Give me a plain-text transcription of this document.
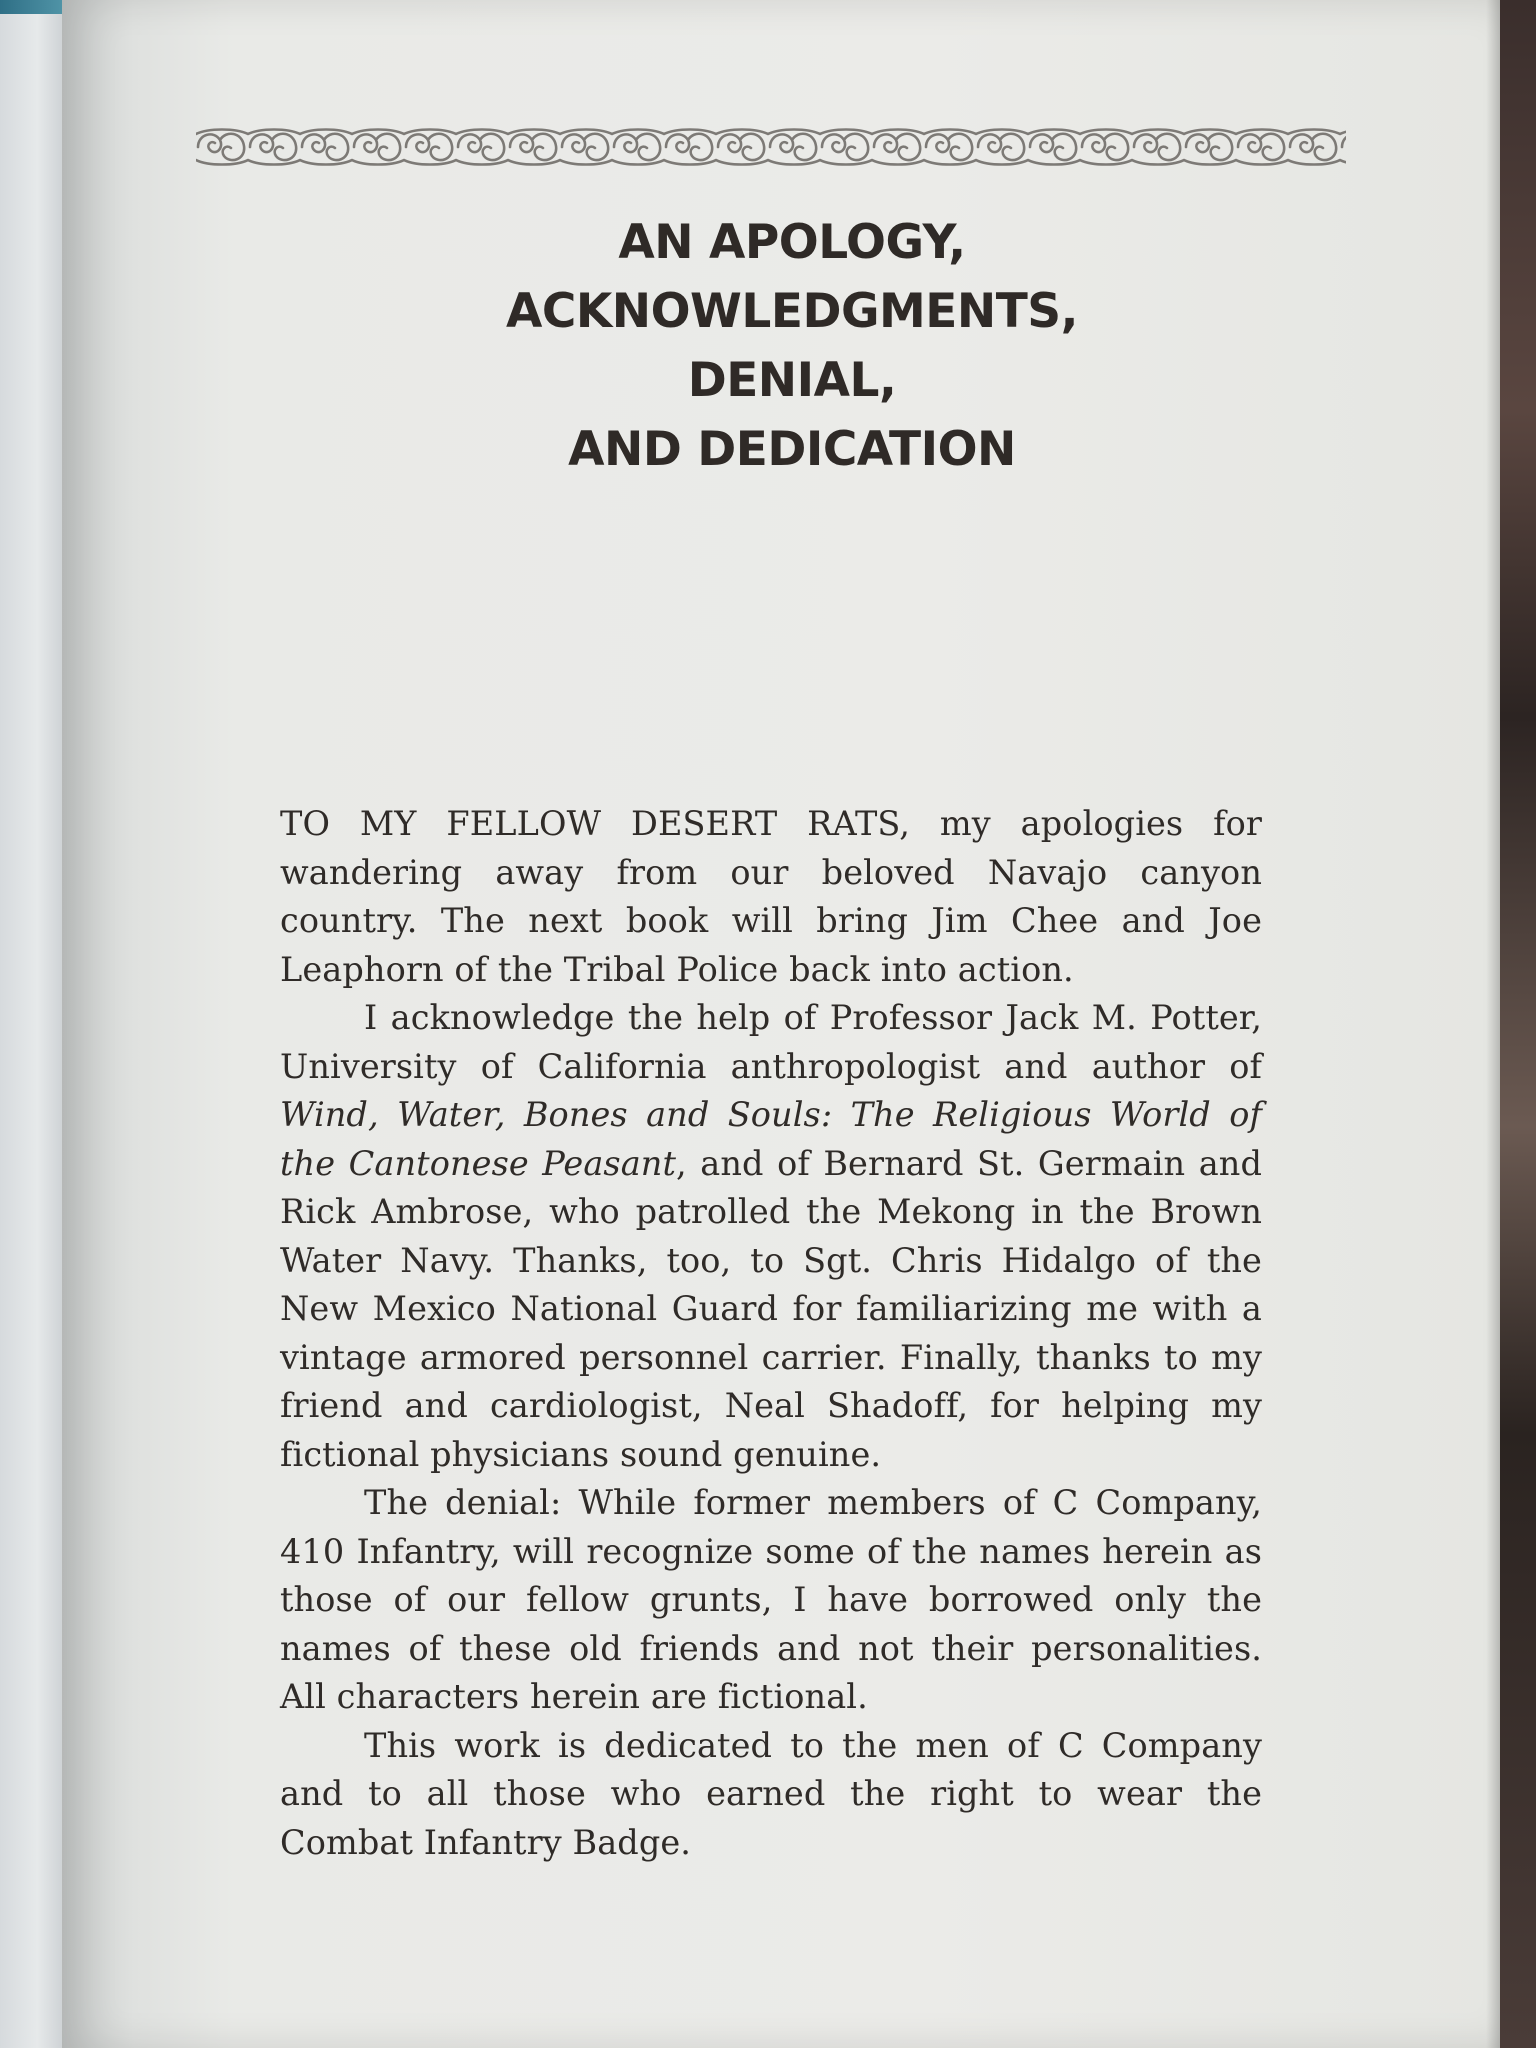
AN APOLOGY,
ACKNOWLEDGMENTS,
DENIAL,
AND DEDICATION

TO MY FELLOW DESERT RATS, my apologies for wandering away from our beloved Navajo canyon country. The next book will bring Jim Chee and Joe Leaphorn of the Tribal Police back into action.

I acknowledge the help of Professor Jack M. Potter, University of California anthropologist and author of Wind, Water, Bones and Souls: The Religious World of the Cantonese Peasant, and of Bernard St. Germain and Rick Ambrose, who patrolled the Mekong in the Brown Water Navy. Thanks, too, to Sgt. Chris Hidalgo of the New Mexico National Guard for familiarizing me with a vintage armored personnel carrier. Finally, thanks to my friend and cardiologist, Neal Shadoff, for helping my fictional physicians sound genuine.

The denial: While former members of C Company, 410 Infantry, will recognize some of the names herein as those of our fellow grunts, I have borrowed only the names of these old friends and not their personalities. All characters herein are fictional.

This work is dedicated to the men of C Company and to all those who earned the right to wear the Combat Infantry Badge.
